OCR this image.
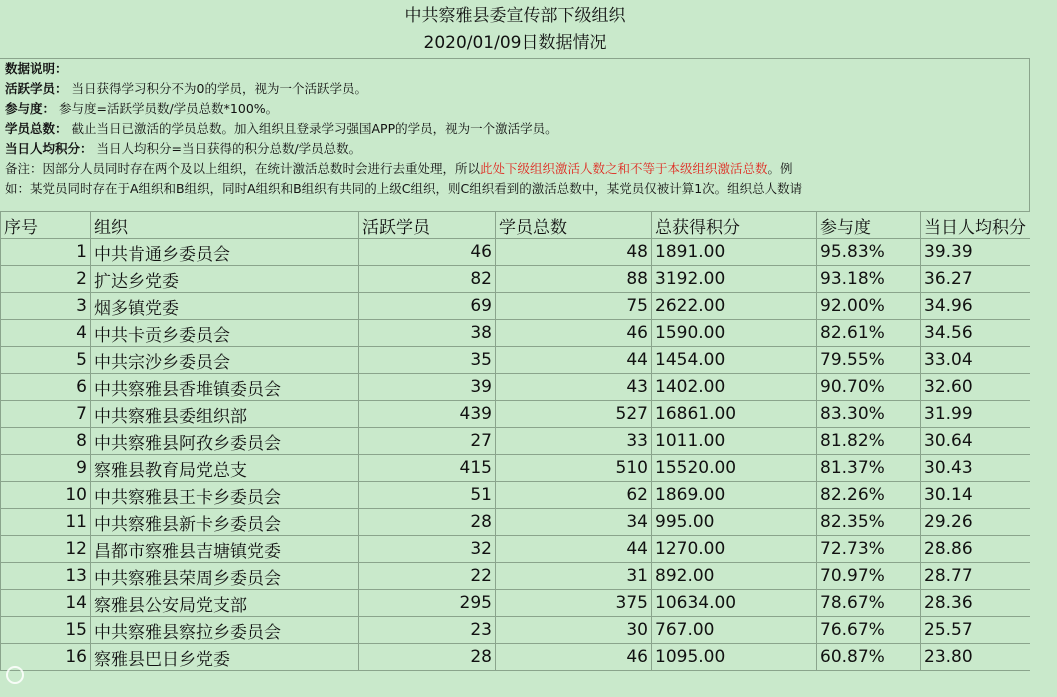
中共察雅县委宣传部下级组织
2020/01/09日数据情况
数据说明：
活跃学员： 当日获得学习积分不为0的学员，视为一个活跃学员。
参与度： 参与度=活跃学员数/学员总数*100%。
学员总数： 截止当日已激活的学员总数。加入组织且登录学习强国APP的学员，视为一个激活学员。
当日人均积分： 当日人均积分=当日获得的积分总数/学员总数。
备注：因部分人员同时存在两个及以上组织，在统计激活总数时会进行去重处理，所以此处下级组织激活人数之和不等于本级组织激活总数。例
如：某党员同时存在于A组织和B组织，同时A组织和B组织有共同的上级C组织，则C组织看到的激活总数中，某党员仅被计算1次。组织总人数请
序号	组织	活跃学员	学员总数	总获得积分	参与度	当日人均积分
1	中共肯通乡委员会	46	48	1891.00	95.83%	39.39
2	扩达乡党委	82	88	3192.00	93.18%	36.27
3	烟多镇党委	69	75	2622.00	92.00%	34.96
4	中共卡贡乡委员会	38	46	1590.00	82.61%	34.56
5	中共宗沙乡委员会	35	44	1454.00	79.55%	33.04
6	中共察雅县香堆镇委员会	39	43	1402.00	90.70%	32.60
7	中共察雅县委组织部	439	527	16861.00	83.30%	31.99
8	中共察雅县阿孜乡委员会	27	33	1011.00	81.82%	30.64
9	察雅县教育局党总支	415	510	15520.00	81.37%	30.43
10	中共察雅县王卡乡委员会	51	62	1869.00	82.26%	30.14
11	中共察雅县新卡乡委员会	28	34	995.00	82.35%	29.26
12	昌都市察雅县吉塘镇党委	32	44	1270.00	72.73%	28.86
13	中共察雅县荣周乡委员会	22	31	892.00	70.97%	28.77
14	察雅县公安局党支部	295	375	10634.00	78.67%	28.36
15	中共察雅县察拉乡委员会	23	30	767.00	76.67%	25.57
16	察雅县巴日乡党委	28	46	1095.00	60.87%	23.80
